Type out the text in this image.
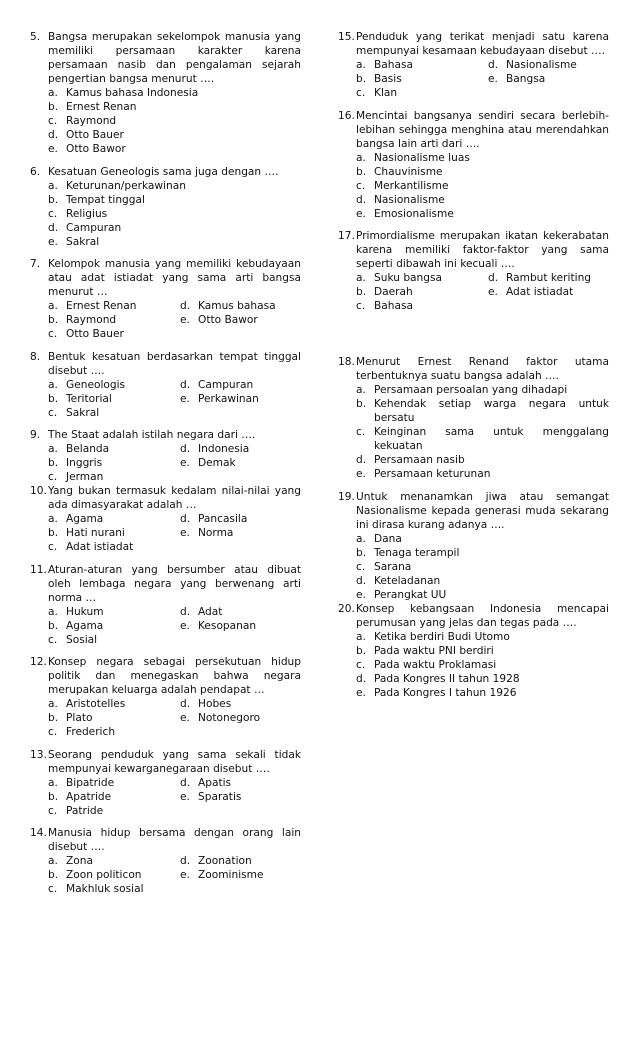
5. Bangsa merupakan sekelompok manusia yang memiliki persamaan karakter karena persamaan nasib dan pengalaman sejarah pengertian bangsa menurut ….
a. Kamus bahasa Indonesia
b. Ernest Renan
c. Raymond
d. Otto Bauer
e. Otto Bawor
6. Kesatuan Geneologis sama juga dengan ….
a. Keturunan/perkawinan
b. Tempat tinggal
c. Religius
d. Campuran
e. Sakral
7. Kelompok manusia yang memiliki kebudayaan atau adat istiadat yang sama arti bangsa menurut …
a. Ernest Renan	d. Kamus bahasa
b. Raymond	e. Otto Bawor
c. Otto Bauer
8. Bentuk kesatuan berdasarkan tempat tinggal disebut ….
a. Geneologis	d. Campuran
b. Teritorial	e. Perkawinan
c. Sakral
9. The Staat adalah istilah negara dari ….
a. Belanda	d. Indonesia
b. Inggris	e. Demak
c. Jerman
10. Yang bukan termasuk kedalam nilai-nilai yang ada dimasyarakat adalah …
a. Agama	d. Pancasila
b. Hati nurani	e. Norma
c. Adat istiadat
11. Aturan-aturan yang bersumber atau dibuat oleh lembaga negara yang berwenang arti norma …
a. Hukum	d. Adat
b. Agama	e. Kesopanan
c. Sosial
12. Konsep negara sebagai persekutuan hidup politik dan menegaskan bahwa negara merupakan keluarga adalah pendapat …
a. Aristotelles	d. Hobes
b. Plato	e. Notonegoro
c. Frederich
13. Seorang penduduk yang sama sekali tidak mempunyai kewarganegaraan disebut ….
a. Bipatride	d. Apatis
b. Apatride	e. Sparatis
c. Patride
14. Manusia hidup bersama dengan orang lain disebut ….
a. Zona	d. Zoonation
b. Zoon politicon	e. Zoominisme
c. Makhluk sosial
15. Penduduk yang terikat menjadi satu karena mempunyai kesamaan kebudayaan disebut ….
a. Bahasa	d. Nasionalisme
b. Basis	e. Bangsa
c. Klan
16. Mencintai bangsanya sendiri secara berlebih-lebihan sehingga menghina atau merendahkan bangsa lain arti dari ….
a. Nasionalisme luas
b. Chauvinisme
c. Merkantilisme
d. Nasionalisme
e. Emosionalisme
17. Primordialisme merupakan ikatan kekerabatan karena memiliki faktor-faktor yang sama seperti dibawah ini kecuali ….
a. Suku bangsa	d. Rambut keriting
b. Daerah	e. Adat istiadat
c. Bahasa
18. Menurut Ernest Renand faktor utama terbentuknya suatu bangsa adalah ….
a. Persamaan persoalan yang dihadapi
b. Kehendak setiap warga negara untuk bersatu
c. Keinginan sama untuk menggalang kekuatan
d. Persamaan nasib
e. Persamaan keturunan
19. Untuk menanamkan jiwa atau semangat Nasionalisme kepada generasi muda sekarang ini dirasa kurang adanya ….
a. Dana
b. Tenaga terampil
c. Sarana
d. Keteladanan
e. Perangkat UU
20. Konsep kebangsaan Indonesia mencapai perumusan yang jelas dan tegas pada ….
a. Ketika berdiri Budi Utomo
b. Pada waktu PNI berdiri
c. Pada waktu Proklamasi
d. Pada Kongres II tahun 1928
e. Pada Kongres I tahun 1926
